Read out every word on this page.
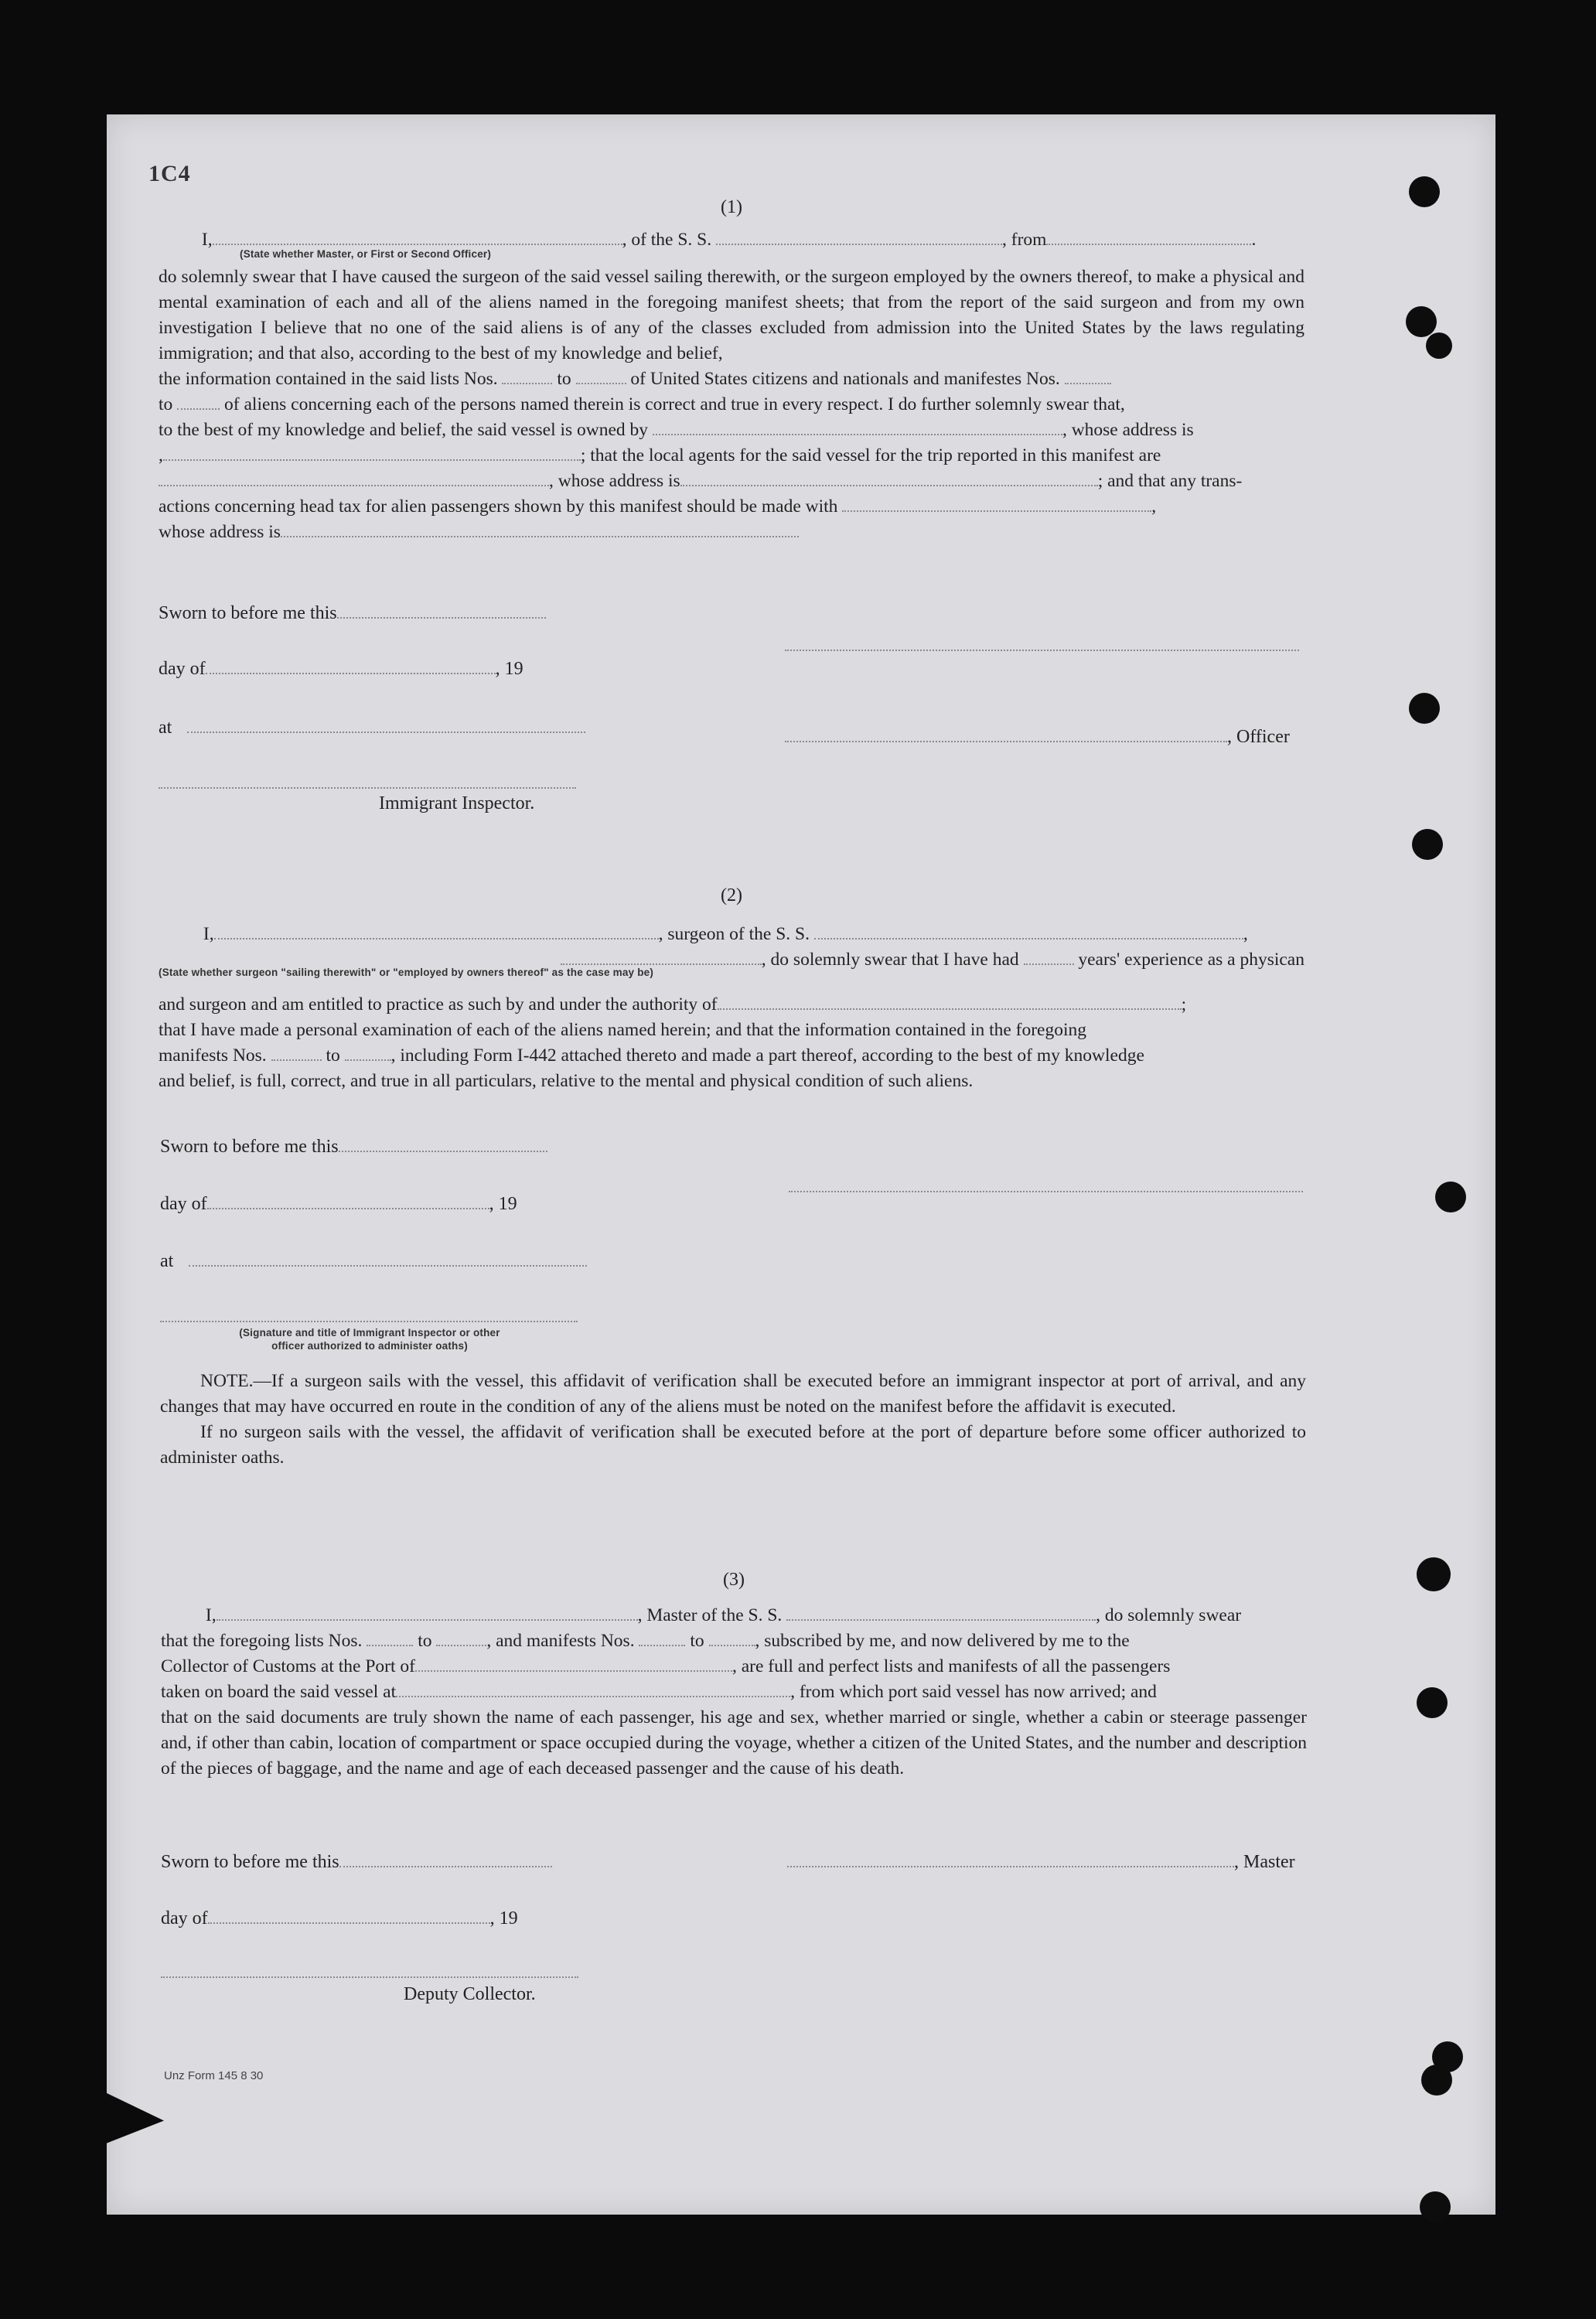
1C4

(1)

I,	, of the S. S.	, from	.

(State whether Master, or First or Second Officer)

do solemnly swear that I have caused the surgeon of the said vessel sailing therewith, or the surgeon employed by the owners thereof, to make a physical and mental examination of each and all of the aliens named in the foregoing manifest sheets; that from the report of the said surgeon and from my own investigation I believe that no one of the said aliens is of any of the classes excluded from admission into the United States by the laws regulating immigration; and that also, according to the best of my knowledge and belief,

the information contained in the said lists Nos.	to	of United States citizens and nationals and manifestes Nos.

to	of aliens concerning each of the persons named therein is correct and true in every respect. I do further solemnly swear that,

to the best of my knowledge and belief, the said vessel is owned by	, whose address is

,	; that the local agents for the said vessel for the trip reported in this manifest are

, whose address is	; and that any trans-

actions concerning head tax for alien passengers shown by this manifest should be made with	,

whose address is

Sworn to before me this
day of	, 19
at	, Officer
Immigrant Inspector.

(2)

I,	, surgeon of the S. S.	,

, do solemnly swear that I have had	years' experience as a physican

(State whether surgeon "sailing therewith" or "employed by owners thereof" as the case may be)

and surgeon and am entitled to practice as such by and under the authority of	;

that I have made a personal examination of each of the aliens named herein; and that the information contained in the foregoing

manifests Nos.	to	, including Form I-442 attached thereto and made a part thereof, according to the best of my knowledge

and belief, is full, correct, and true in all particulars, relative to the mental and physical condition of such aliens.

Sworn to before me this
day of	, 19
at
(Signature and title of Immigrant Inspector or other
officer authorized to administer oaths)

NOTE.—If a surgeon sails with the vessel, this affidavit of verification shall be executed before an immigrant inspector at port of arrival, and any changes that may have occurred en route in the condition of any of the aliens must be noted on the manifest before the affidavit is executed.

If no surgeon sails with the vessel, the affidavit of verification shall be executed before at the port of departure before some officer authorized to administer oaths.

(3)

I,	, Master of the S. S.	, do solemnly swear

that the foregoing lists Nos.	to	, and manifests Nos.	to	, subscribed by me, and now delivered by me to the

Collector of Customs at the Port of	, are full and perfect lists and manifests of all the passengers

taken on board the said vessel at	, from which port said vessel has now arrived; and

that on the said documents are truly shown the name of each passenger, his age and sex, whether married or single, whether a cabin or steerage passenger and, if other than cabin, location of compartment or space occupied during the voyage, whether a citizen of the United States, and the number and description of the pieces of baggage, and the name and age of each deceased passenger and the cause of his death.

Sworn to before me this	, Master
day of	, 19
Deputy Collector.
Unz Form 145 8 30
